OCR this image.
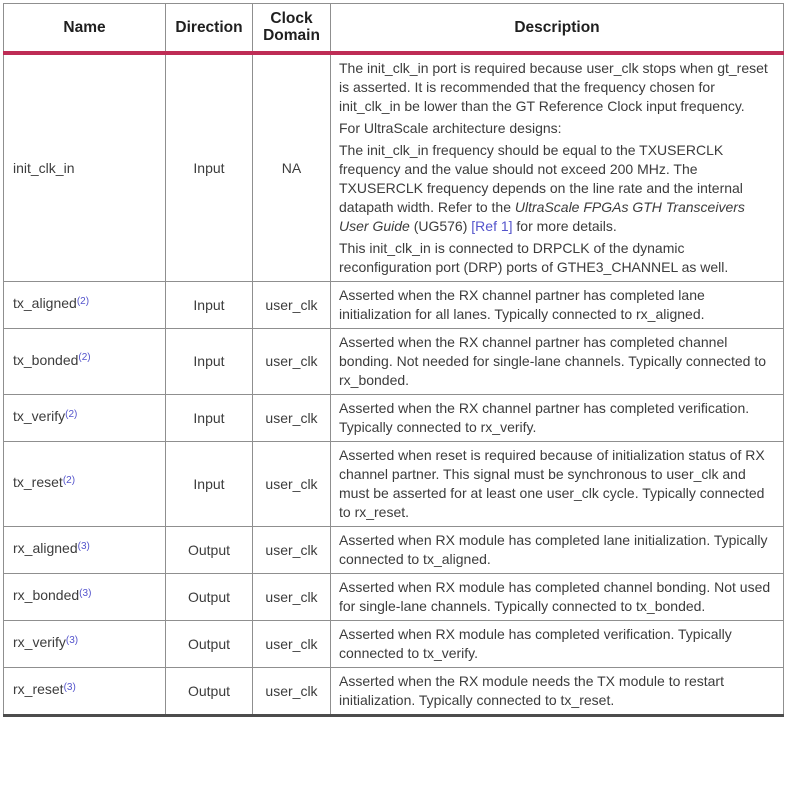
Name	Direction	Clock Domain	Description
init_clk_in	Input	NA	The init_clk_in port is required because user_clk stops when gt_reset is asserted. It is recommended that the frequency chosen for init_clk_in be lower than the GT Reference Clock input frequency.

For UltraScale architecture designs:

The init_clk_in frequency should be equal to the TXUSERCLK frequency and the value should not exceed 200 MHz. The TXUSERCLK frequency depends on the line rate and the internal datapath width. Refer to the UltraScale FPGAs GTH Transceivers User Guide (UG576) [Ref 1] for more details.

This init_clk_in is connected to DRPCLK of the dynamic reconfiguration port (DRP) ports of GTHE3_CHANNEL as well.

tx_aligned$^{(2)}$	Input	user_clk	Asserted when the RX channel partner has completed lane initialization for all lanes. Typically connected to rx_aligned.

tx_bonded$^{(2)}$	Input	user_clk	Asserted when the RX channel partner has completed channel bonding. Not needed for single-lane channels. Typically connected to rx_bonded.

tx_verify$^{(2)}$	Input	user_clk	Asserted when the RX channel partner has completed verification. Typically connected to rx_verify.

tx_reset$^{(2)}$	Input	user_clk	Asserted when reset is required because of initialization status of RX channel partner. This signal must be synchronous to user_clk and must be asserted for at least one user_clk cycle. Typically connected to rx_reset.

rx_aligned$^{(3)}$	Output	user_clk	Asserted when RX module has completed lane initialization. Typically connected to tx_aligned.

rx_bonded$^{(3)}$	Output	user_clk	Asserted when RX module has completed channel bonding. Not used for single-lane channels. Typically connected to tx_bonded.

rx_verify$^{(3)}$	Output	user_clk	Asserted when RX module has completed verification. Typically connected to tx_verify.

rx_reset$^{(3)}$	Output	user_clk	Asserted when the RX module needs the TX module to restart initialization. Typically connected to tx_reset.
